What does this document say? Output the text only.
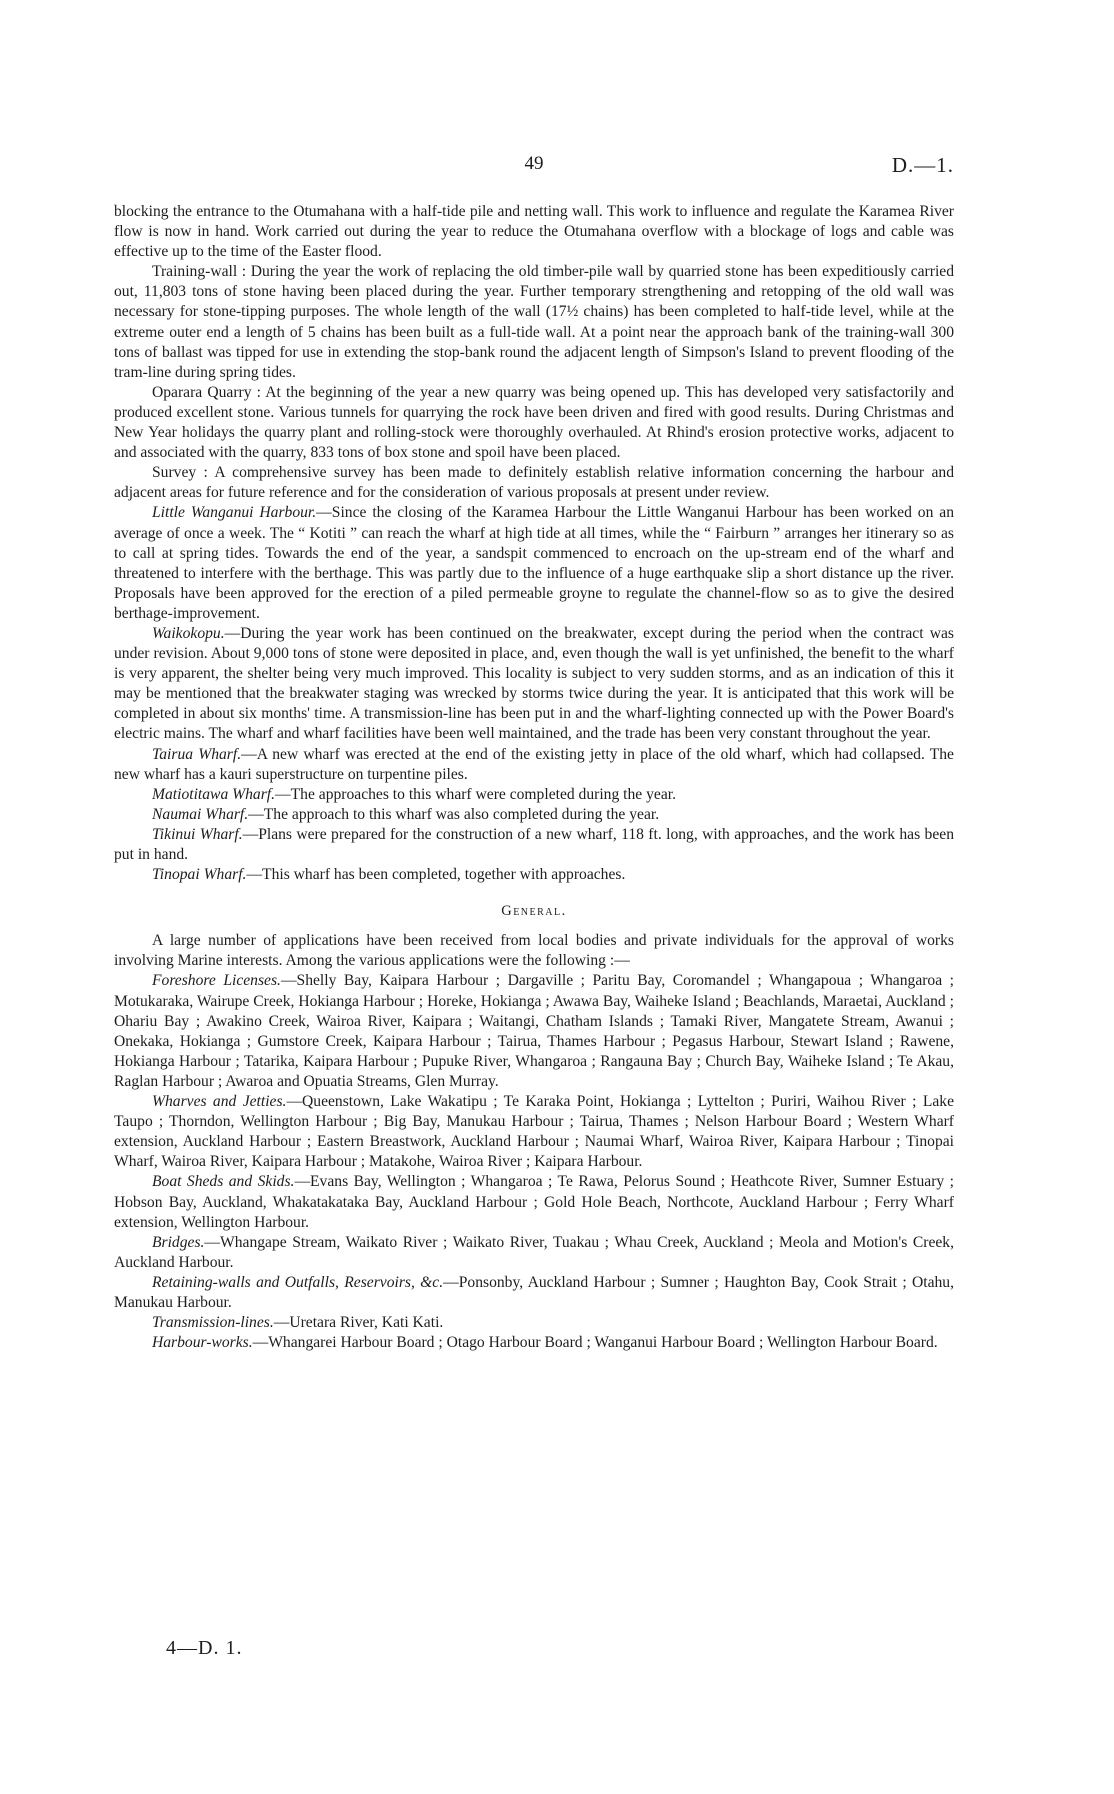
49	D.—1.

blocking the entrance to the Otumahana with a half-tide pile and netting wall. This work to influence and regulate the Karamea River flow is now in hand. Work carried out during the year to reduce the Otumahana overflow with a blockage of logs and cable was effective up to the time of the Easter flood.

Training-wall : During the year the work of replacing the old timber-pile wall by quarried stone has been expeditiously carried out, 11,803 tons of stone having been placed during the year. Further temporary strengthening and retopping of the old wall was necessary for stone-tipping purposes. The whole length of the wall (17½ chains) has been completed to half-tide level, while at the extreme outer end a length of 5 chains has been built as a full-tide wall. At a point near the approach bank of the training-wall 300 tons of ballast was tipped for use in extending the stop-bank round the adjacent length of Simpson's Island to prevent flooding of the tram-line during spring tides.

Oparara Quarry : At the beginning of the year a new quarry was being opened up. This has developed very satisfactorily and produced excellent stone. Various tunnels for quarrying the rock have been driven and fired with good results. During Christmas and New Year holidays the quarry plant and rolling-stock were thoroughly overhauled. At Rhind's erosion protective works, adjacent to and associated with the quarry, 833 tons of box stone and spoil have been placed.

Survey : A comprehensive survey has been made to definitely establish relative information concerning the harbour and adjacent areas for future reference and for the consideration of various proposals at present under review.

Little Wanganui Harbour.—Since the closing of the Karamea Harbour the Little Wanganui Harbour has been worked on an average of once a week. The “ Kotiti ” can reach the wharf at high tide at all times, while the “ Fairburn ” arranges her itinerary so as to call at spring tides. Towards the end of the year, a sandspit commenced to encroach on the up-stream end of the wharf and threatened to interfere with the berthage. This was partly due to the influence of a huge earthquake slip a short distance up the river. Proposals have been approved for the erection of a piled permeable groyne to regulate the channel-flow so as to give the desired berthage-improvement.

Waikokopu.—During the year work has been continued on the breakwater, except during the period when the contract was under revision. About 9,000 tons of stone were deposited in place, and, even though the wall is yet unfinished, the benefit to the wharf is very apparent, the shelter being very much improved. This locality is subject to very sudden storms, and as an indication of this it may be mentioned that the breakwater staging was wrecked by storms twice during the year. It is anticipated that this work will be completed in about six months' time. A transmission-line has been put in and the wharf-lighting connected up with the Power Board's electric mains. The wharf and wharf facilities have been well maintained, and the trade has been very constant throughout the year.

Tairua Wharf.—A new wharf was erected at the end of the existing jetty in place of the old wharf, which had collapsed. The new wharf has a kauri superstructure on turpentine piles.

Matiotitawa Wharf.—The approaches to this wharf were completed during the year.

Naumai Wharf.—The approach to this wharf was also completed during the year.

Tikinui Wharf.—Plans were prepared for the construction of a new wharf, 118 ft. long, with approaches, and the work has been put in hand.

Tinopai Wharf.—This wharf has been completed, together with approaches.

General.

A large number of applications have been received from local bodies and private individuals for the approval of works involving Marine interests. Among the various applications were the following :—

Foreshore Licenses.—Shelly Bay, Kaipara Harbour ; Dargaville ; Paritu Bay, Coromandel ; Whangapoua ; Whangaroa ; Motukaraka, Wairupe Creek, Hokianga Harbour ; Horeke, Hokianga ; Awawa Bay, Waiheke Island ; Beachlands, Maraetai, Auckland ; Ohariu Bay ; Awakino Creek, Wairoa River, Kaipara ; Waitangi, Chatham Islands ; Tamaki River, Mangatete Stream, Awanui ; Onekaka, Hokianga ; Gumstore Creek, Kaipara Harbour ; Tairua, Thames Harbour ; Pegasus Harbour, Stewart Island ; Rawene, Hokianga Harbour ; Tatarika, Kaipara Harbour ; Pupuke River, Whangaroa ; Rangauna Bay ; Church Bay, Waiheke Island ; Te Akau, Raglan Harbour ; Awaroa and Opuatia Streams, Glen Murray.

Wharves and Jetties.—Queenstown, Lake Wakatipu ; Te Karaka Point, Hokianga ; Lyttelton ; Puriri, Waihou River ; Lake Taupo ; Thorndon, Wellington Harbour ; Big Bay, Manukau Harbour ; Tairua, Thames ; Nelson Harbour Board ; Western Wharf extension, Auckland Harbour ; Eastern Breastwork, Auckland Harbour ; Naumai Wharf, Wairoa River, Kaipara Harbour ; Tinopai Wharf, Wairoa River, Kaipara Harbour ; Matakohe, Wairoa River ; Kaipara Harbour.

Boat Sheds and Skids.—Evans Bay, Wellington ; Whangaroa ; Te Rawa, Pelorus Sound ; Heathcote River, Sumner Estuary ; Hobson Bay, Auckland, Whakatakataka Bay, Auckland Harbour ; Gold Hole Beach, Northcote, Auckland Harbour ; Ferry Wharf extension, Wellington Harbour.

Bridges.—Whangape Stream, Waikato River ; Waikato River, Tuakau ; Whau Creek, Auckland ; Meola and Motion's Creek, Auckland Harbour.

Retaining-walls and Outfalls, Reservoirs, &c.—Ponsonby, Auckland Harbour ; Sumner ; Haughton Bay, Cook Strait ; Otahu, Manukau Harbour.

Transmission-lines.—Uretara River, Kati Kati.

Harbour-works.—Whangarei Harbour Board ; Otago Harbour Board ; Wanganui Harbour Board ; Wellington Harbour Board.

4—D. 1.
